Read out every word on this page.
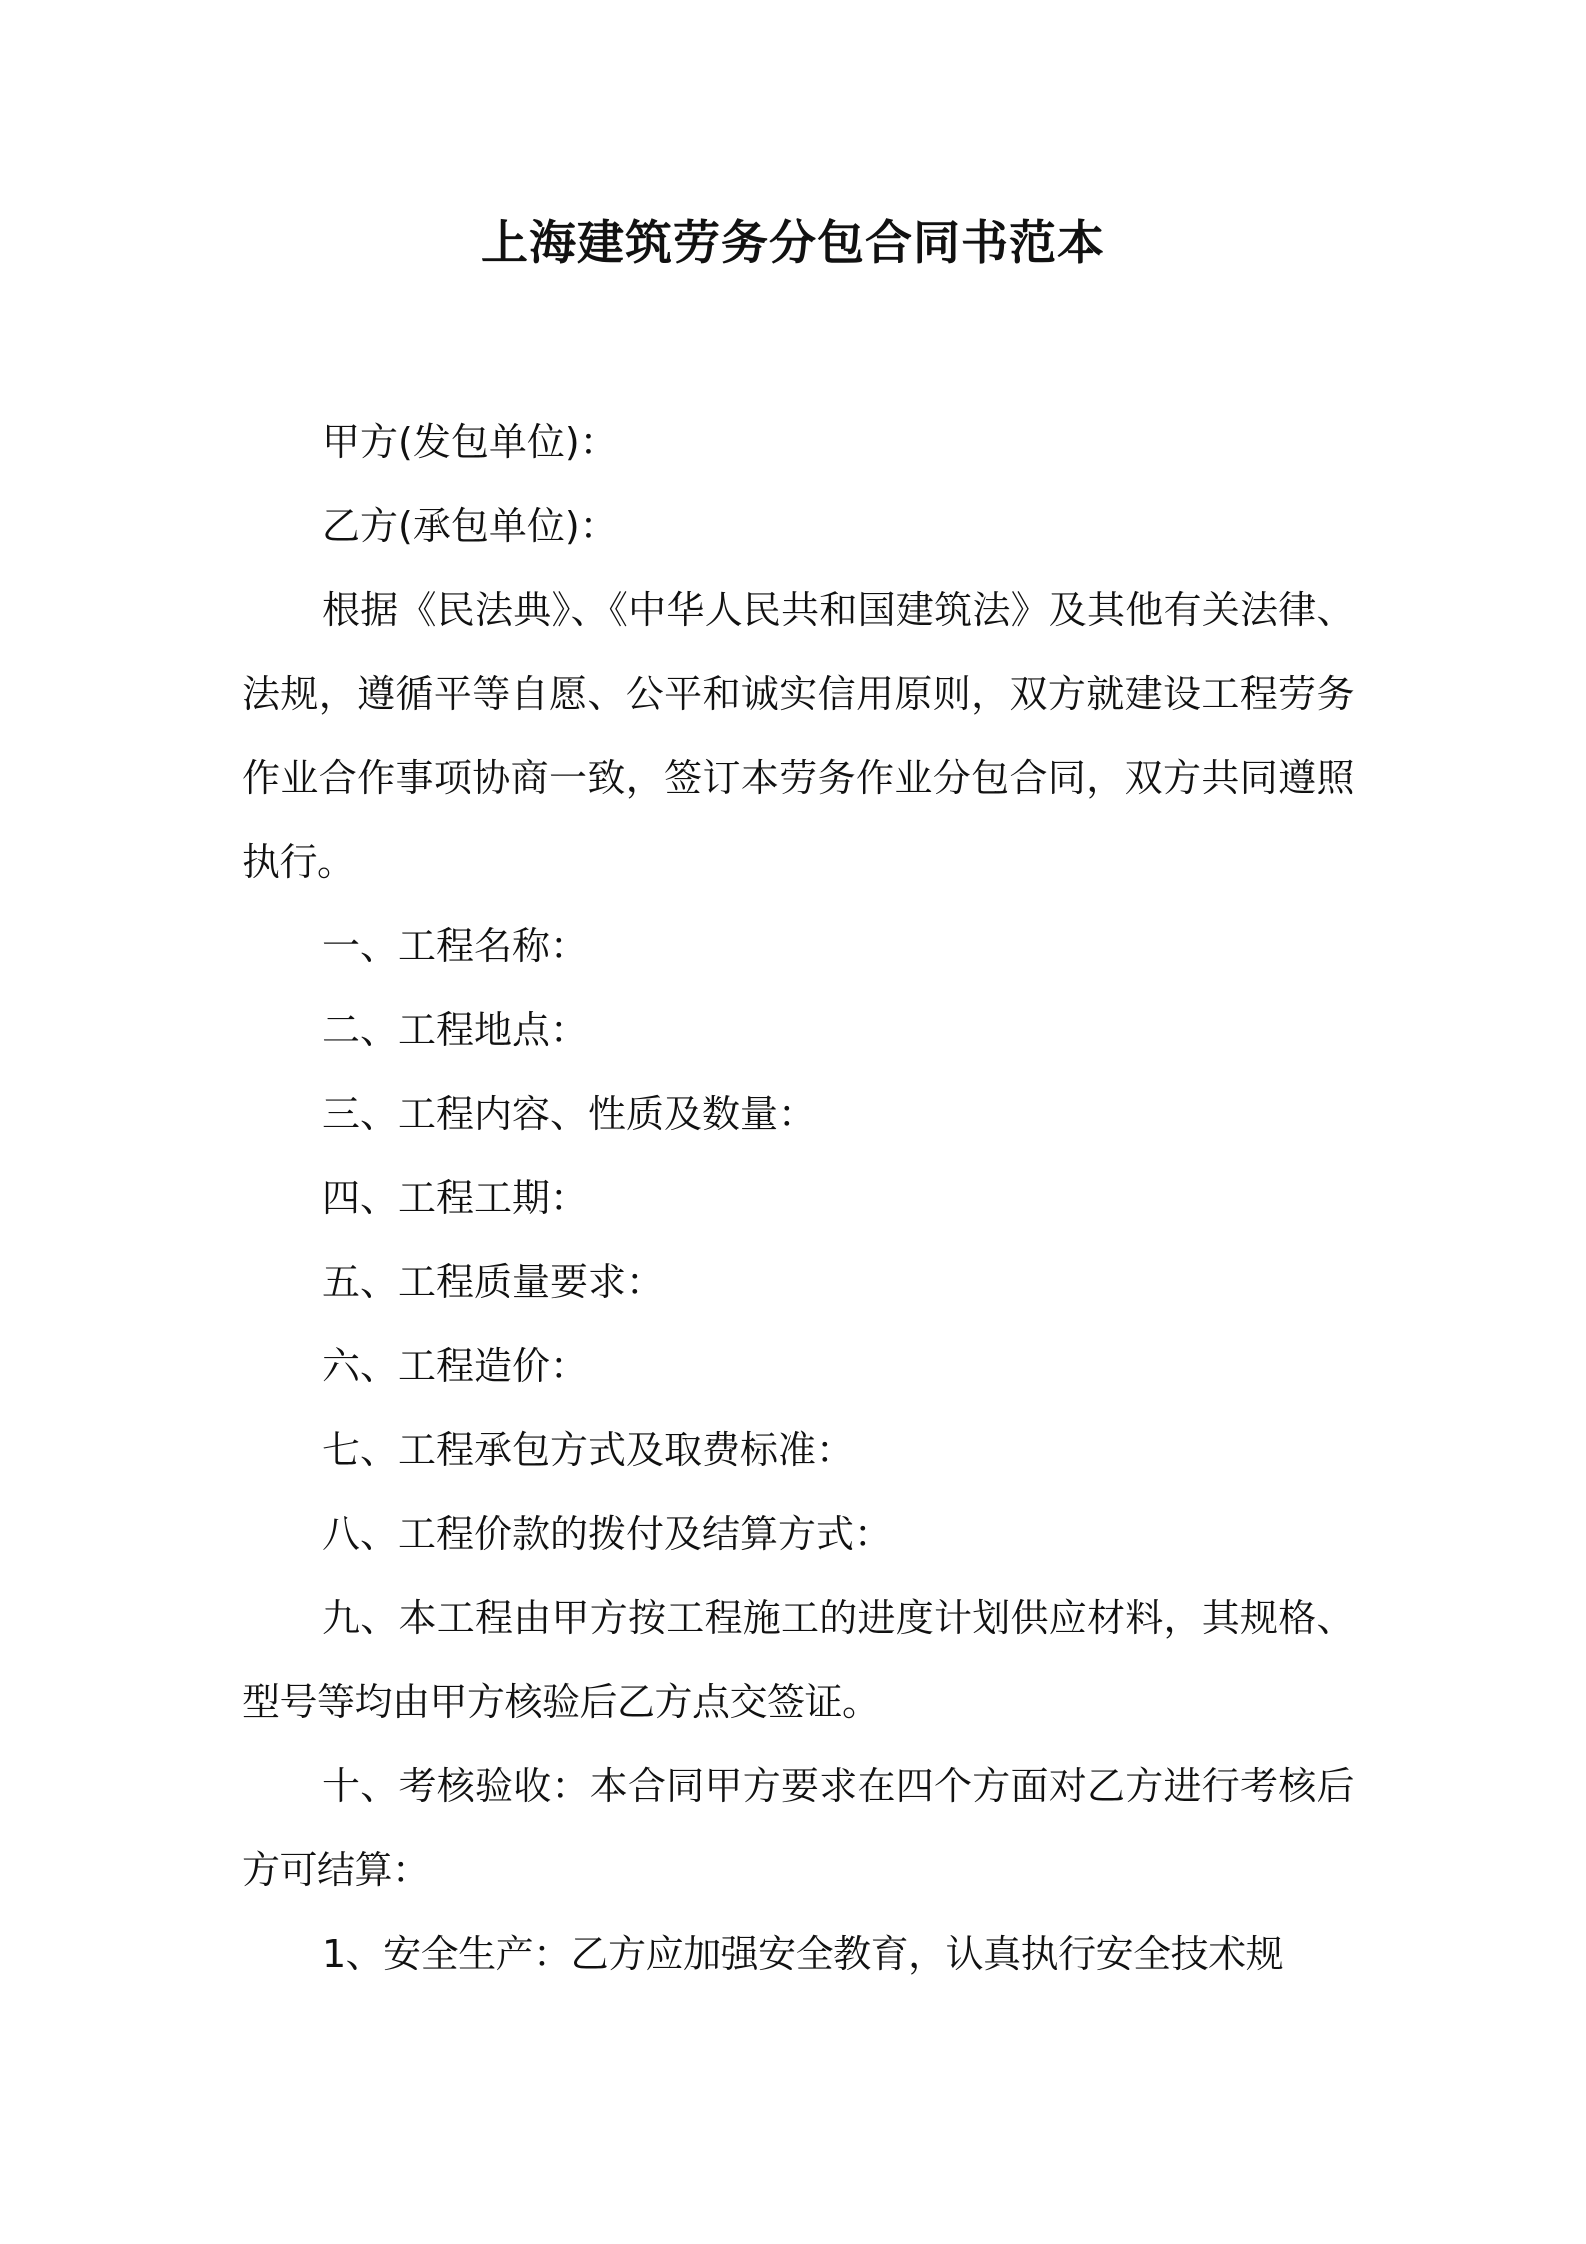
上海建筑劳务分包合同书范本

甲方(发包单位)：

乙方(承包单位)：

根据《民法典》、《中华人民共和国建筑法》及其他有关法律、法规，遵循平等自愿、公平和诚实信用原则，双方就建设工程劳务作业合作事项协商一致，签订本劳务作业分包合同，双方共同遵照执行。

一、工程名称：

二、工程地点：

三、工程内容、性质及数量：

四、工程工期：

五、工程质量要求：

六、工程造价：

七、工程承包方式及取费标准：

八、工程价款的拨付及结算方式：

九、本工程由甲方按工程施工的进度计划供应材料，其规格、型号等均由甲方核验后乙方点交签证。

十、考核验收：本合同甲方要求在四个方面对乙方进行考核后方可结算：

1、安全生产：乙方应加强安全教育，认真执行安全技术规
